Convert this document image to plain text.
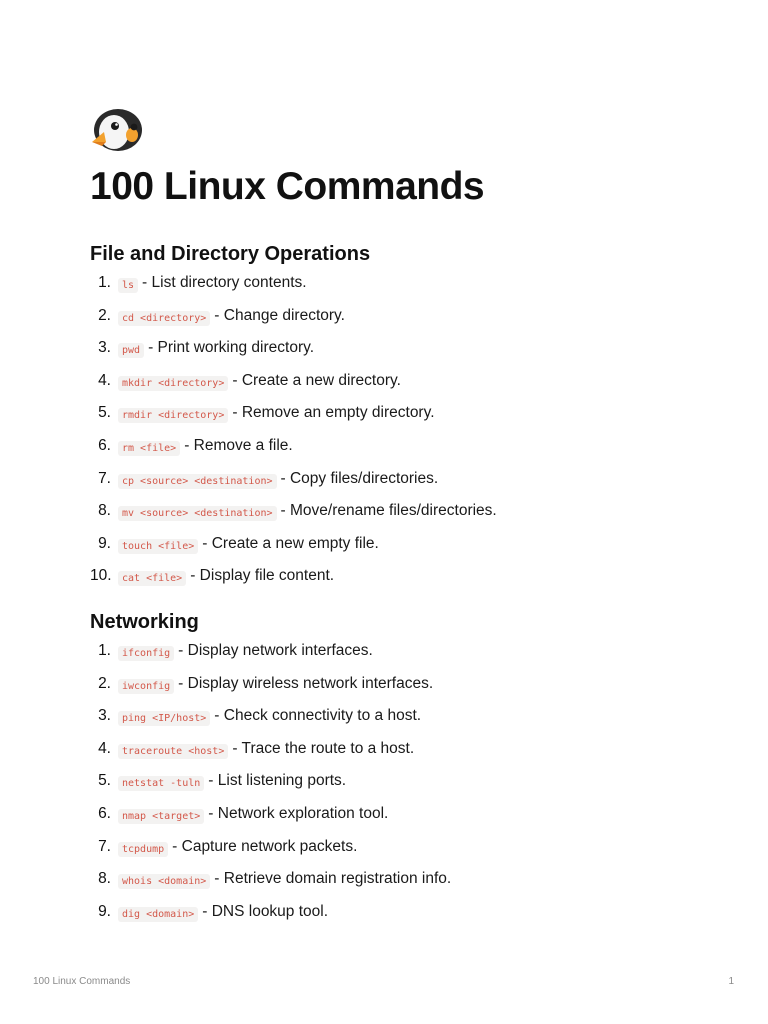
100 Linux Commands
File and Directory Operations
1.	ls - List directory contents.
2.	cd <directory> - Change directory.
3.	pwd - Print working directory.
4.	mkdir <directory> - Create a new directory.
5.	rmdir <directory> - Remove an empty directory.
6.	rm <file> - Remove a file.
7.	cp <source> <destination> - Copy files/directories.
8.	mv <source> <destination> - Move/rename files/directories.
9.	touch <file> - Create a new empty file.
10.	cat <file> - Display file content.
Networking
1.	ifconfig - Display network interfaces.
2.	iwconfig - Display wireless network interfaces.
3.	ping <IP/host> - Check connectivity to a host.
4.	traceroute <host> - Trace the route to a host.
5.	netstat -tuln - List listening ports.
6.	nmap <target> - Network exploration tool.
7.	tcpdump - Capture network packets.
8.	whois <domain> - Retrieve domain registration info.
9.	dig <domain> - DNS lookup tool.
100 Linux Commands	1
